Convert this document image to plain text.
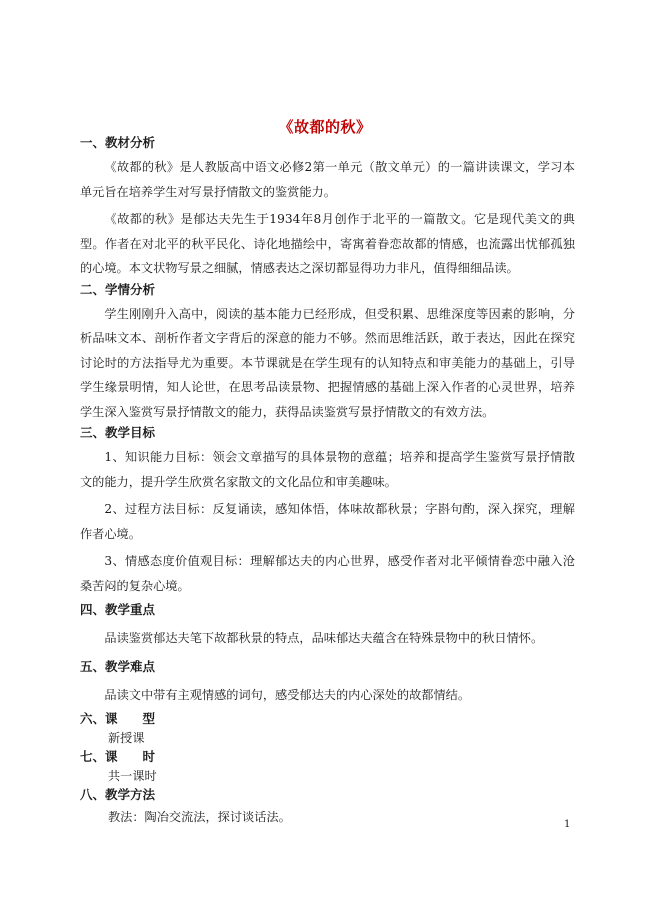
《故都的秋》
一、教材分析

《故都的秋》是人教版高中语文必修2第一单元（散文单元）的一篇讲读课文，学习本单元旨在培养学生对写景抒情散文的鉴赏能力。

《故都的秋》是郁达夫先生于1934年8月创作于北平的一篇散文。它是现代美文的典型。作者在对北平的秋平民化、诗化地描绘中，寄寓着眷恋故都的情感，也流露出忧郁孤独的心境。本文状物写景之细腻，情感表达之深切都显得功力非凡，值得细细品读。

二、学情分析

学生刚刚升入高中，阅读的基本能力已经形成，但受积累、思维深度等因素的影响，分析品味文本、剖析作者文字背后的深意的能力不够。然而思维活跃，敢于表达，因此在探究讨论时的方法指导尤为重要。本节课就是在学生现有的认知特点和审美能力的基础上，引导学生缘景明情，知人论世，在思考品读景物、把握情感的基础上深入作者的心灵世界，培养学生深入鉴赏写景抒情散文的能力，获得品读鉴赏写景抒情散文的有效方法。

三、教学目标

1、知识能力目标：领会文章描写的具体景物的意蕴；培养和提高学生鉴赏写景抒情散文的能力，提升学生欣赏名家散文的文化品位和审美趣味。

2、过程方法目标：反复诵读，感知体悟，体味故都秋景；字斟句酌，深入探究，理解作者心境。

3、情感态度价值观目标：理解郁达夫的内心世界，感受作者对北平倾情眷恋中融入沧桑苦闷的复杂心境。

四、教学重点

品读鉴赏郁达夫笔下故都秋景的特点，品味郁达夫蕴含在特殊景物中的秋日情怀。

五、教学难点

品读文中带有主观情感的词句，感受郁达夫的内心深处的故都情结。

六、课　　型
新授课
七、课　　时
共一课时
八、教学方法
教法：陶冶交流法，探讨谈话法。
1
